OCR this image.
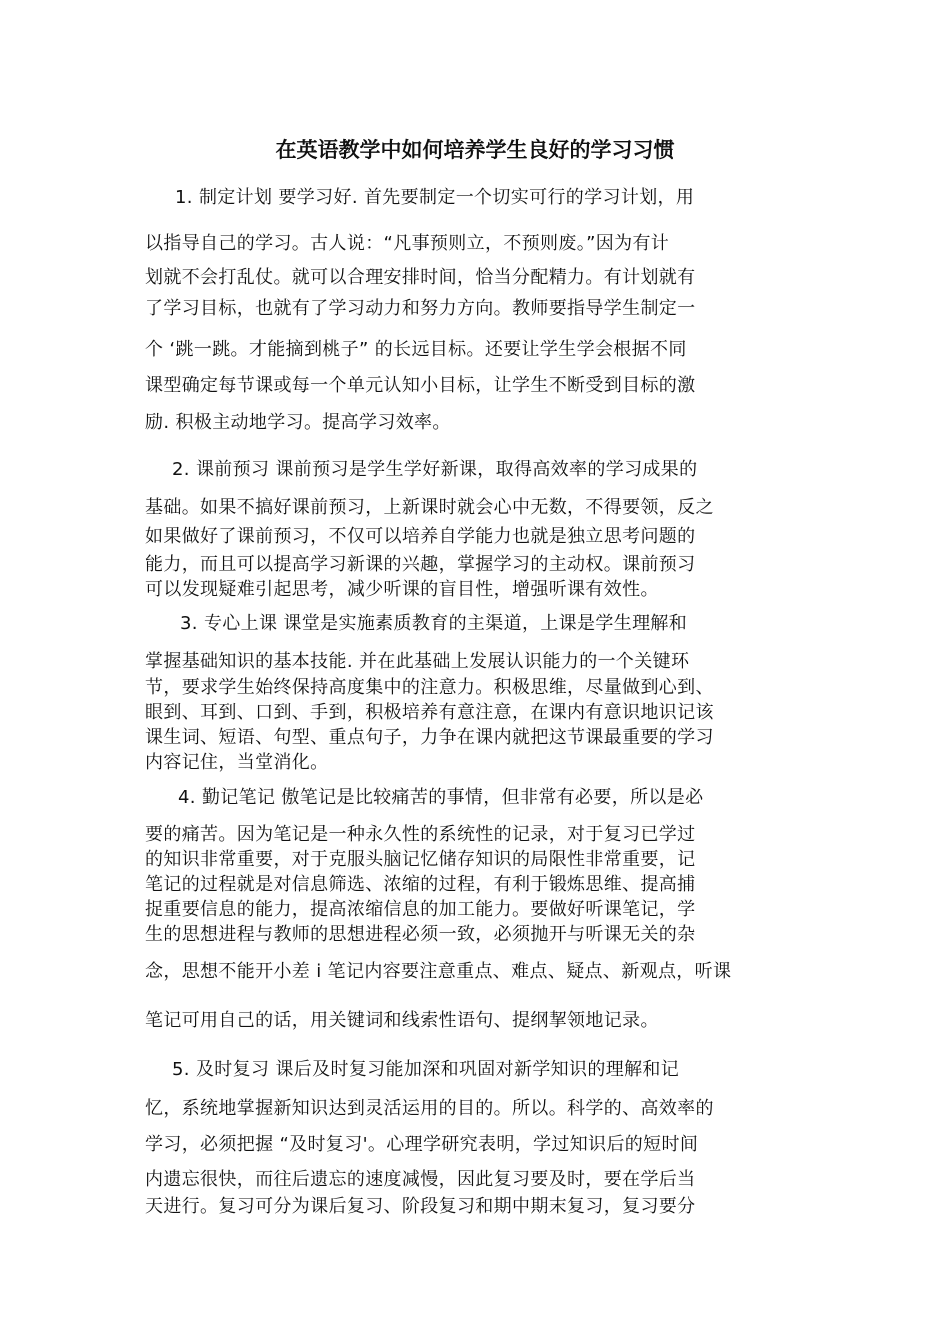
在英语教学中如何培养学生良好的学习习惯
1. 制定计划 要学习好. 首先要制定一个切实可行的学习计划，用
以指导自己的学习。古人说：“凡事预则立，不预则废。”因为有计
划就不会打乱仗。就可以合理安排时间，恰当分配精力。有计划就有
了学习目标，也就有了学习动力和努力方向。教师要指导学生制定一
个 ‘跳一跳。才能摘到桃子” 的长远目标。还要让学生学会根据不同
课型确定每节课或每一个单元认知小目标，让学生不断受到目标的激
励. 积极主动地学习。提高学习效率。
2. 课前预习 课前预习是学生学好新课，取得高效率的学习成果的
基础。如果不搞好课前预习，上新课时就会心中无数，不得要领，反之
如果做好了课前预习，不仅可以培养自学能力也就是独立思考问题的
能力，而且可以提高学习新课的兴趣，掌握学习的主动权。课前预习
可以发现疑难引起思考，减少听课的盲目性，增强听课有效性。
3. 专心上课 课堂是实施素质教育的主渠道，上课是学生理解和
掌握基础知识的基本技能. 并在此基础上发展认识能力的一个关键环
节，要求学生始终保持高度集中的注意力。积极思维，尽量做到心到、
眼到、耳到、口到、手到，积极培养有意注意，在课内有意识地识记该
课生词、短语、句型、重点句子，力争在课内就把这节课最重要的学习
内容记住，当堂消化。
4. 勤记笔记 傲笔记是比较痛苦的事情，但非常有必要，所以是必
要的痛苦。因为笔记是一种永久性的系统性的记录，对于复习已学过
的知识非常重要，对于克服头脑记忆储存知识的局限性非常重要，记
笔记的过程就是对信息筛选、浓缩的过程，有利于锻炼思维、提高捕
捉重要信息的能力，提高浓缩信息的加工能力。要做好听课笔记，学
生的思想进程与教师的思想进程必须一致，必须抛开与听课无关的杂
念，思想不能开小差 i 笔记内容要注意重点、难点、疑点、新观点，听课
笔记可用自己的话，用关键词和线索性语句、提纲挈领地记录。
5. 及时复习 课后及时复习能加深和巩固对新学知识的理解和记
忆，系统地掌握新知识达到灵活运用的目的。所以。科学的、高效率的
学习，必须把握 “及时复习'。心理学研究表明，学过知识后的短时间
内遗忘很快，而往后遗忘的速度减慢，因此复习要及时，要在学后当
天进行。复习可分为课后复习、阶段复习和期中期末复习，复习要分
